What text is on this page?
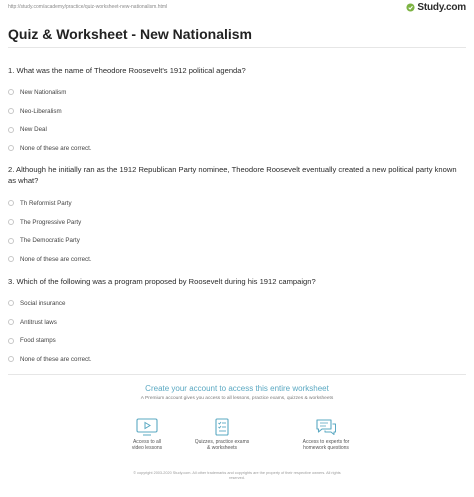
http://study.com/academy/practice/quiz-worksheet-new-nationalism.html	Study.com
Quiz & Worksheet - New Nationalism
1. What was the name of Theodore Roosevelt's 1912 political agenda?
New Nationalism
Neo-Liberalism
New Deal
None of these are correct.
2. Although he initially ran as the 1912 Republican Party nominee, Theodore Roosevelt eventually created a new political party known as what?
Th Reformist Party
The Progressive Party
The Democratic Party
None of these are correct.
3. Which of the following was a program proposed by Roosevelt during his 1912 campaign?
Social insurance
Antitrust laws
Food stamps
None of these are correct.
Create your account to access this entire worksheet
A Premium account gives you access to all lessons, practice exams, quizzes & worksheets
Access to all
video lessons
Quizzes, practice exams
& worksheets
Access to experts for
homework questions
© copyright 2003-2020 Study.com. All other trademarks and copyrights are the property of their respective owners. All rights
reserved.
